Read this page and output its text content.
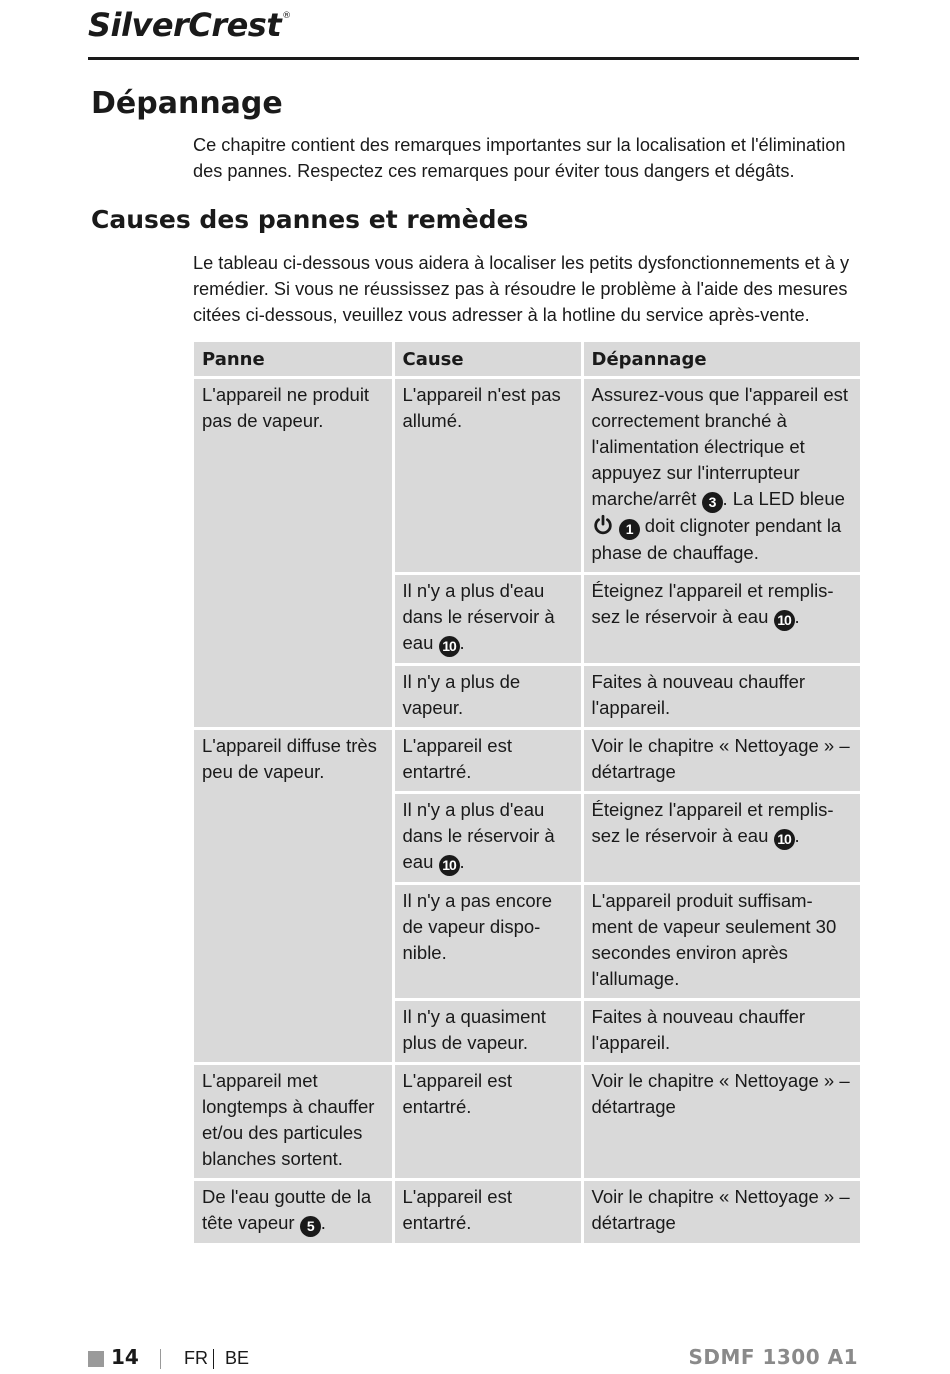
SilverCrest®
Dépannage

Ce chapitre contient des remarques importantes sur la localisation et l'élimination des pannes. Respectez ces remarques pour éviter tous dangers et dégâts.

Causes des pannes et remèdes

Le tableau ci-dessous vous aidera à localiser les petits dysfonctionnements et à y remédier. Si vous ne réussissez pas à résoudre le problème à l'aide des mesures citées ci-dessous, veuillez vous adresser à la hotline du service après-vente.

Panne	Cause	Dépannage
L'appareil ne produit pas de vapeur.	L'appareil n'est pas allumé.	Assurez-vous que l'appareil est correctement branché à l'alimentation électrique et appuyez sur l'interrupteur marche/arrêt 3 . La LED bleue  1 doit clignoter pendant la phase de chauffage.
	Il n'y a plus d'eau dans le réservoir à eau 10 .	Éteignez l'appareil et remplis-sez le réservoir à eau 10 .
	Il n'y a plus de vapeur.	Faites à nouveau chauffer l'appareil.
L'appareil diffuse très peu de vapeur.	L'appareil est entartré.	Voir le chapitre « Nettoyage » – détartrage
	Il n'y a plus d'eau dans le réservoir à eau 10 .	Éteignez l'appareil et remplis-sez le réservoir à eau 10 .
	Il n'y a pas encore de vapeur dispo-nible.	L'appareil produit suffisam-ment de vapeur seulement 30 secondes environ après l'allumage.
	Il n'y a quasiment plus de vapeur.	Faites à nouveau chauffer l'appareil.
L'appareil met longtemps à chauffer et/ou des particules blanches sortent.	L'appareil est entartré.	Voir le chapitre « Nettoyage » – détartrage
De l'eau goutte de la tête vapeur 5 .	L'appareil est entartré.	Voir le chapitre « Nettoyage » – détartrage
14	FR BE	SDMF 1300 A1
